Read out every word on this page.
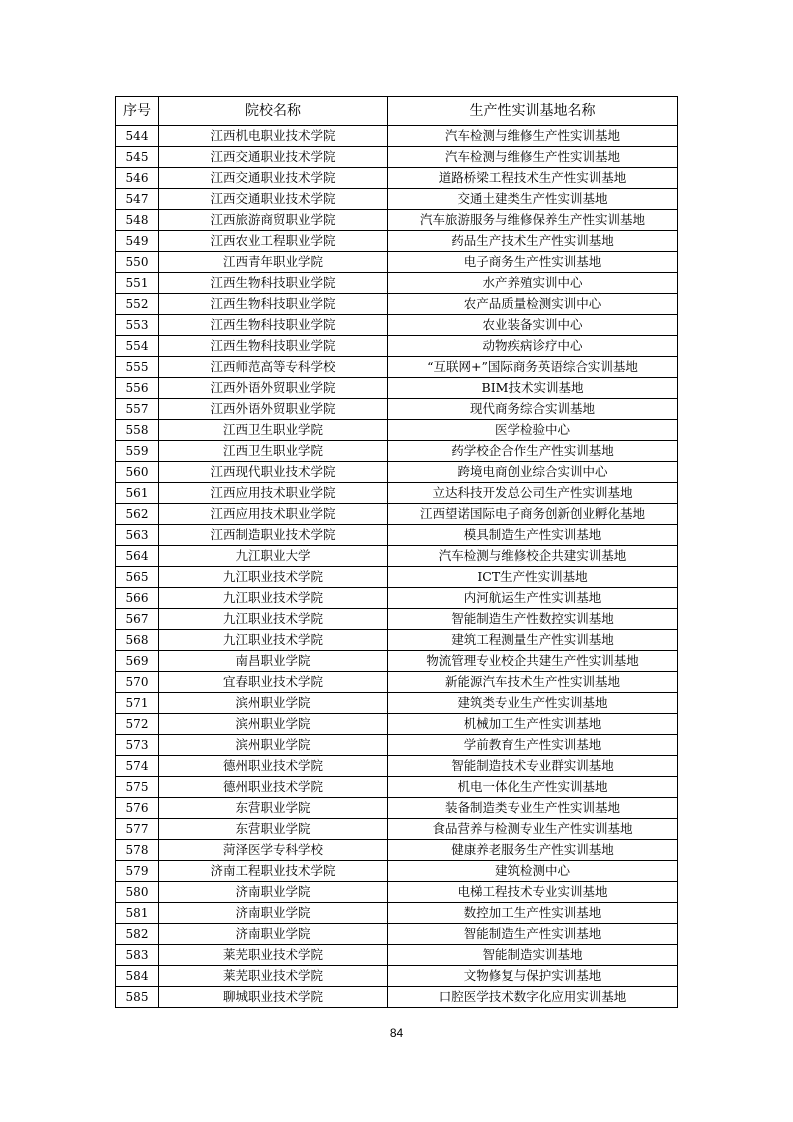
序号	院校名称	生产性实训基地名称
544	江西机电职业技术学院	汽车检测与维修生产性实训基地
545	江西交通职业技术学院	汽车检测与维修生产性实训基地
546	江西交通职业技术学院	道路桥梁工程技术生产性实训基地
547	江西交通职业技术学院	交通土建类生产性实训基地
548	江西旅游商贸职业学院	汽车旅游服务与维修保养生产性实训基地
549	江西农业工程职业学院	药品生产技术生产性实训基地
550	江西青年职业学院	电子商务生产性实训基地
551	江西生物科技职业学院	水产养殖实训中心
552	江西生物科技职业学院	农产品质量检测实训中心
553	江西生物科技职业学院	农业装备实训中心
554	江西生物科技职业学院	动物疾病诊疗中心
555	江西师范高等专科学校	“互联网+”国际商务英语综合实训基地
556	江西外语外贸职业学院	BIM技术实训基地
557	江西外语外贸职业学院	现代商务综合实训基地
558	江西卫生职业学院	医学检验中心
559	江西卫生职业学院	药学校企合作生产性实训基地
560	江西现代职业技术学院	跨境电商创业综合实训中心
561	江西应用技术职业学院	立达科技开发总公司生产性实训基地
562	江西应用技术职业学院	江西望诺国际电子商务创新创业孵化基地
563	江西制造职业技术学院	模具制造生产性实训基地
564	九江职业大学	汽车检测与维修校企共建实训基地
565	九江职业技术学院	ICT生产性实训基地
566	九江职业技术学院	内河航运生产性实训基地
567	九江职业技术学院	智能制造生产性数控实训基地
568	九江职业技术学院	建筑工程测量生产性实训基地
569	南昌职业学院	物流管理专业校企共建生产性实训基地
570	宜春职业技术学院	新能源汽车技术生产性实训基地
571	滨州职业学院	建筑类专业生产性实训基地
572	滨州职业学院	机械加工生产性实训基地
573	滨州职业学院	学前教育生产性实训基地
574	德州职业技术学院	智能制造技术专业群实训基地
575	德州职业技术学院	机电一体化生产性实训基地
576	东营职业学院	装备制造类专业生产性实训基地
577	东营职业学院	食品营养与检测专业生产性实训基地
578	菏泽医学专科学校	健康养老服务生产性实训基地
579	济南工程职业技术学院	建筑检测中心
580	济南职业学院	电梯工程技术专业实训基地
581	济南职业学院	数控加工生产性实训基地
582	济南职业学院	智能制造生产性实训基地
583	莱芜职业技术学院	智能制造实训基地
584	莱芜职业技术学院	文物修复与保护实训基地
585	聊城职业技术学院	口腔医学技术数字化应用实训基地
84
